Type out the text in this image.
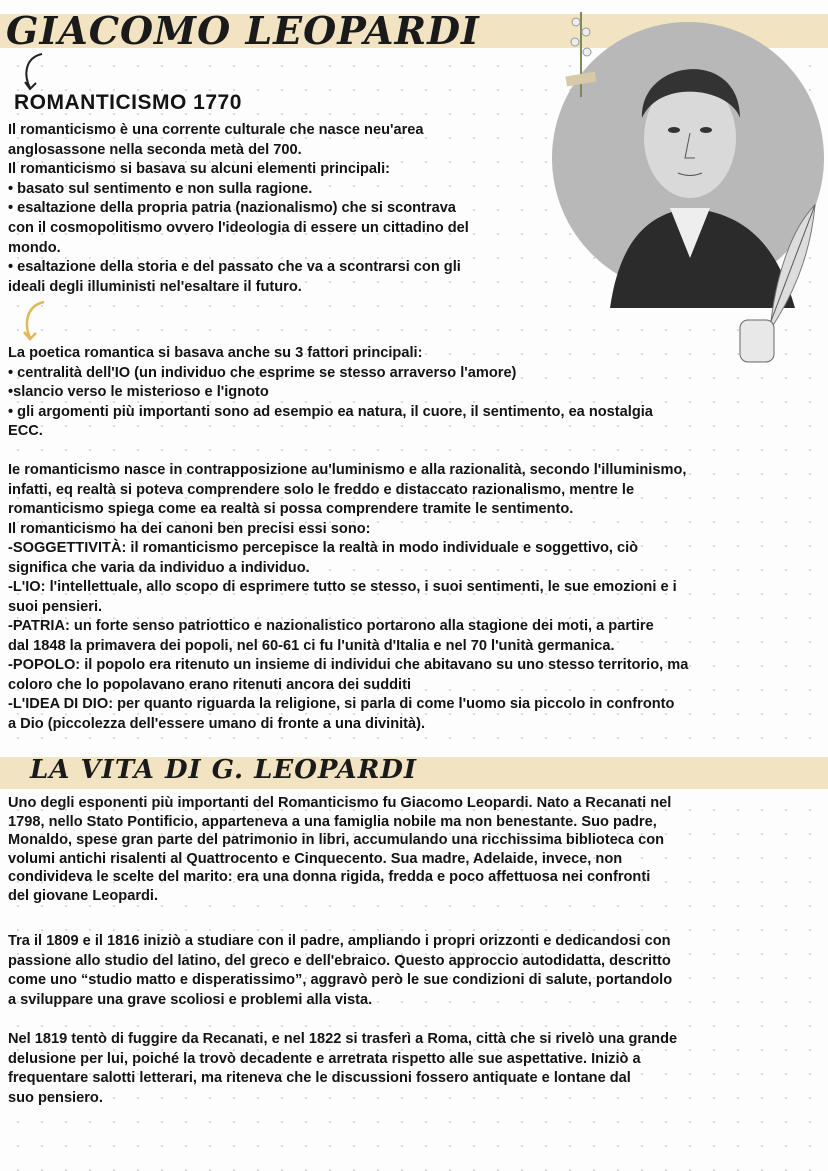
GIACOMO LEOPARDI
ROMANTICISMO 1770
Il romanticismo è una corrente culturale che nasce neu'area
anglosassone nella seconda metà del 700.
Il romanticismo si basava su alcuni elementi principali:
• basato sul sentimento e non sulla ragione.
• esaltazione della propria patria (nazionalismo) che si scontrava
con il cosmopolitismo ovvero l'ideologia di essere un cittadino del
mondo.
• esaltazione della storia e del passato che va a scontrarsi con gli
ideali degli illuministi nel'esaltare il futuro.
La poetica romantica si basava anche su 3 fattori principali:
• centralità dell'IO (un individuo che esprime se stesso arraverso l'amore)
•slancio verso le misterioso e l'ignoto
• gli argomenti più importanti sono ad esempio ea natura, il cuore, il sentimento, ea nostalgia
ECC.
Ie romanticismo nasce in contrapposizione au'luminismo e alla razionalità, secondo l'illuminismo,
infatti, eq realtà si poteva comprendere solo le freddo e distaccato razionalismo, mentre le
romanticismo spiega come ea realtà si possa comprendere tramite le sentimento.
Il romanticismo ha dei canoni ben precisi essi sono:
-SOGGETTIVITÀ: il romanticismo percepisce la realtà in modo individuale e soggettivo, ciò
significa che varia da individuo a individuo.
-L'IO: l'intellettuale, allo scopo di esprimere tutto se stesso, i suoi sentimenti, le sue emozioni e i
suoi pensieri.
-PATRIA: un forte senso patriottico e nazionalistico portarono alla stagione dei moti, a partire
dal 1848 la primavera dei popoli, nel 60-61 ci fu l'unità d'Italia e nel 70 l'unità germanica.
-POPOLO: il popolo era ritenuto un insieme di individui che abitavano su uno stesso territorio, ma
coloro che lo popolavano erano ritenuti ancora dei sudditi
-L'IDEA DI DIO: per quanto riguarda la religione, si parla di come l'uomo sia piccolo in confronto
a Dio (piccolezza dell'essere umano di fronte a una divinità).
LA VITA DI G. LEOPARDI
Uno degli esponenti più importanti del Romanticismo fu Giacomo Leopardi. Nato a Recanati nel
1798, nello Stato Pontificio, apparteneva a una famiglia nobile ma non benestante. Suo padre,
Monaldo, spese gran parte del patrimonio in libri, accumulando una ricchissima biblioteca con
volumi antichi risalenti al Quattrocento e Cinquecento. Sua madre, Adelaide, invece, non
condivideva le scelte del marito: era una donna rigida, fredda e poco affettuosa nei confronti
del giovane Leopardi.
Tra il 1809 e il 1816 iniziò a studiare con il padre, ampliando i propri orizzonti e dedicandosi con
passione allo studio del latino, del greco e dell'ebraico. Questo approccio autodidatta, descritto
come uno “studio matto e disperatissimo”, aggravò però le sue condizioni di salute, portandolo
a sviluppare una grave scoliosi e problemi alla vista.
Nel 1819 tentò di fuggire da Recanati, e nel 1822 si trasferì a Roma, città che si rivelò una grande
delusione per lui, poiché la trovò decadente e arretrata rispetto alle sue aspettative. Iniziò a
frequentare salotti letterari, ma riteneva che le discussioni fossero antiquate e lontane dal
suo pensiero.
